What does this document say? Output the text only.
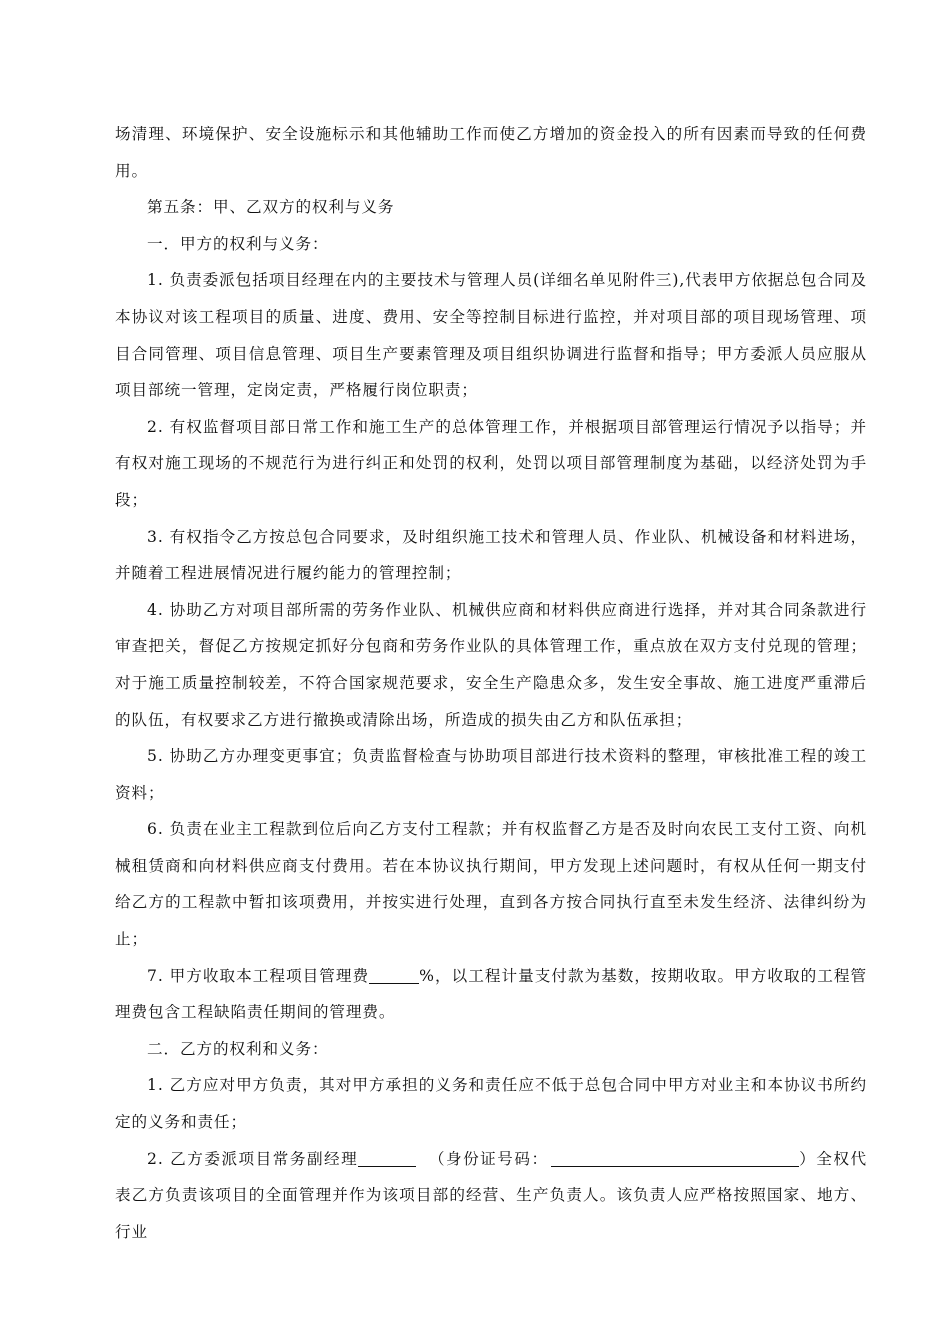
场清理、环境保护、安全设施标示和其他辅助工作而使乙方增加的资金投入的所有因素而导致的任何费用。

第五条：甲、乙双方的权利与义务

一．甲方的权利与义务：

1. 负责委派包括项目经理在内的主要技术与管理人员(详细名单见附件三),代表甲方依据总包合同及本协议对该工程项目的质量、进度、费用、安全等控制目标进行监控，并对项目部的项目现场管理、项目合同管理、项目信息管理、项目生产要素管理及项目组织协调进行监督和指导；甲方委派人员应服从项目部统一管理，定岗定责，严格履行岗位职责；

2. 有权监督项目部日常工作和施工生产的总体管理工作，并根据项目部管理运行情况予以指导；并有权对施工现场的不规范行为进行纠正和处罚的权利，处罚以项目部管理制度为基础，以经济处罚为手段；

3. 有权指令乙方按总包合同要求，及时组织施工技术和管理人员、作业队、机械设备和材料进场，并随着工程进展情况进行履约能力的管理控制；

4. 协助乙方对项目部所需的劳务作业队、机械供应商和材料供应商进行选择，并对其合同条款进行审查把关，督促乙方按规定抓好分包商和劳务作业队的具体管理工作，重点放在双方支付兑现的管理；对于施工质量控制较差，不符合国家规范要求，安全生产隐患众多，发生安全事故、施工进度严重滞后的队伍，有权要求乙方进行撤换或清除出场，所造成的损失由乙方和队伍承担；

5. 协助乙方办理变更事宜；负责监督检查与协助项目部进行技术资料的整理，审核批准工程的竣工资料；

6. 负责在业主工程款到位后向乙方支付工程款；并有权监督乙方是否及时向农民工支付工资、向机械租赁商和向材料供应商支付费用。若在本协议执行期间，甲方发现上述问题时，有权从任何一期支付给乙方的工程款中暂扣该项费用，并按实进行处理，直到各方按合同执行直至未发生经济、法律纠纷为止；

7. 甲方收取本工程项目管理费	%，以工程计量支付款为基数，按期收取。甲方收取的工程管理费包含工程缺陷责任期间的管理费。

二．乙方的权利和义务：

1. 乙方应对甲方负责，其对甲方承担的义务和责任应不低于总包合同中甲方对业主和本协议书所约定的义务和责任；

2. 乙方委派项目常务副经理	（身份证号码：	）全权代表乙方负责该项目的全面管理并作为该项目部的经营、生产负责人。该负责人应严格按照国家、地方、行业
